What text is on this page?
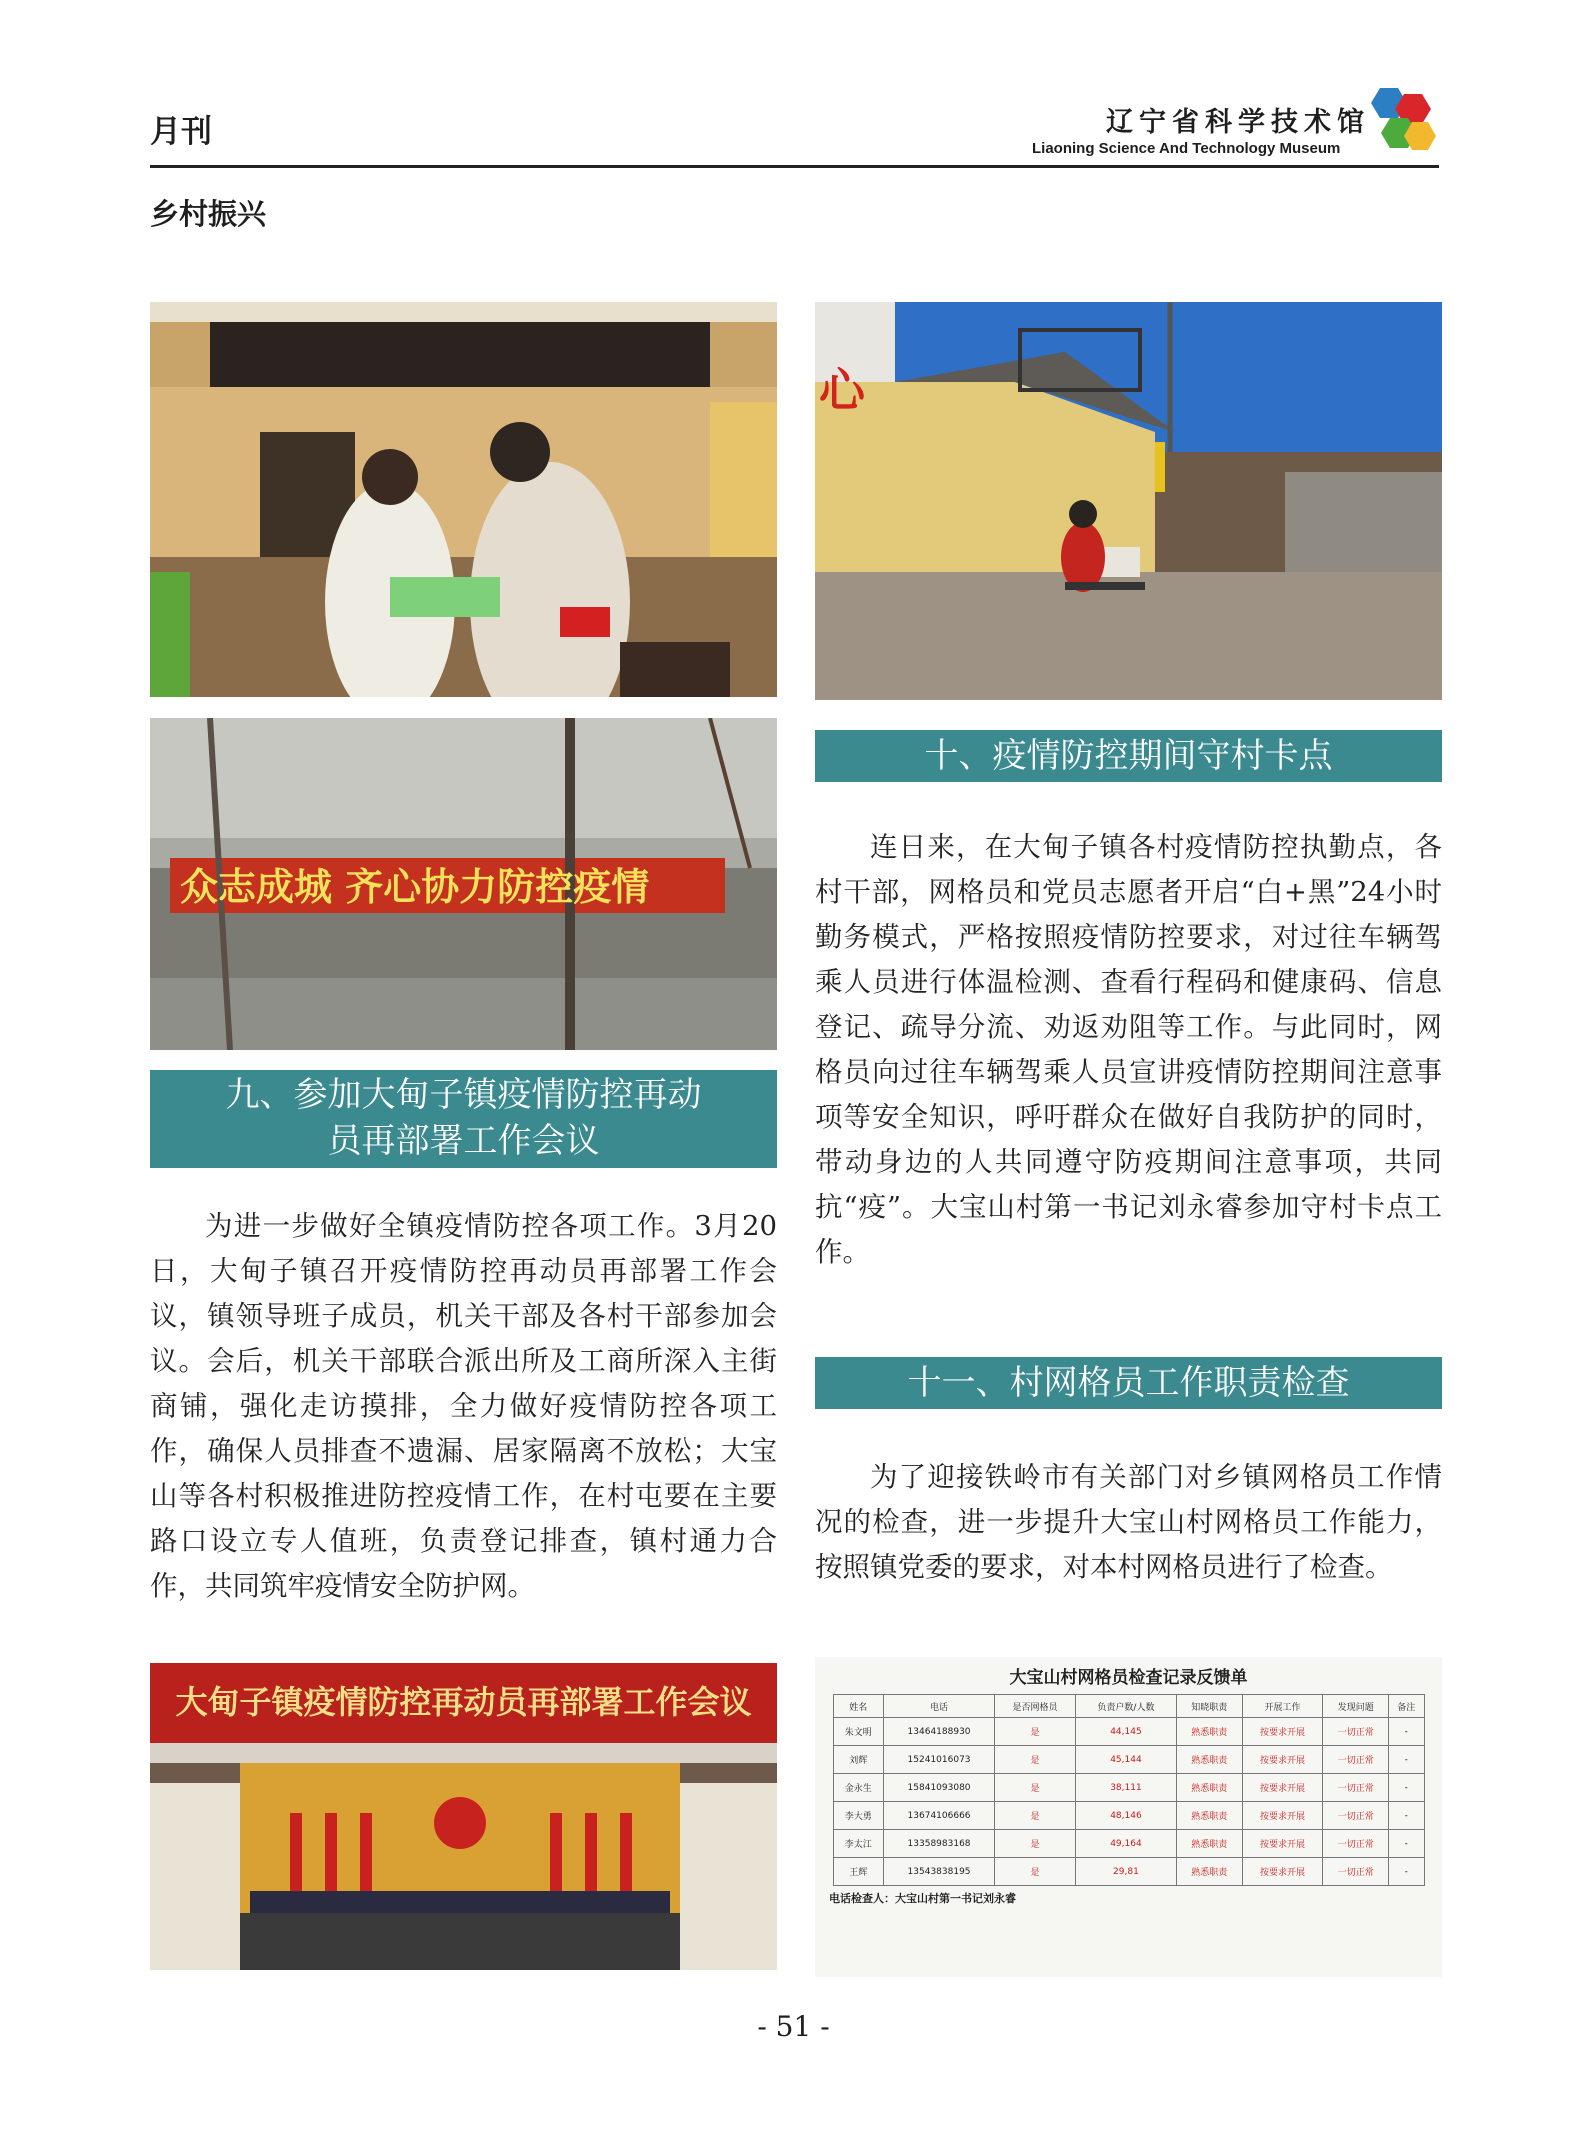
月刊	辽宁省科学技术馆
Liaoning Science And Technology Museum
乡村振兴
众志成城 齐心协力防控疫情
九、参加大甸子镇疫情防控再动
员再部署工作会议

为进一步做好全镇疫情防控各项工作。3月20日，大甸子镇召开疫情防控再动员再部署工作会议，镇领导班子成员，机关干部及各村干部参加会议。会后，机关干部联合派出所及工商所深入主街商铺，强化走访摸排，全力做好疫情防控各项工作，确保人员排查不遗漏、居家隔离不放松；大宝山等各村积极推进防控疫情工作，在村屯要在主要路口设立专人值班，负责登记排查，镇村通力合作，共同筑牢疫情安全防护网。

大甸子镇疫情防控再动员再部署工作会议
心
十、疫情防控期间守村卡点

连日来，在大甸子镇各村疫情防控执勤点，各村干部，网格员和党员志愿者开启“白+黑”24小时勤务模式，严格按照疫情防控要求，对过往车辆驾乘人员进行体温检测、查看行程码和健康码、信息登记、疏导分流、劝返劝阻等工作。与此同时，网格员向过往车辆驾乘人员宣讲疫情防控期间注意事项等安全知识，呼吁群众在做好自我防护的同时，带动身边的人共同遵守防疫期间注意事项，共同抗“疫”。大宝山村第一书记刘永睿参加守村卡点工作。

十一、村网格员工作职责检查

为了迎接铁岭市有关部门对乡镇网格员工作情况的检查，进一步提升大宝山村网格员工作能力，按照镇党委的要求，对本村网格员进行了检查。

大宝山村网格员检查记录反馈单
姓名	电话	是否网格员	负责户数/人数	知晓职责	开展工作	发现问题	备注
朱文明	13464188930	是	44,145	熟悉职责	按要求开展	一切正常	-
刘辉	15241016073	是	45,144	熟悉职责	按要求开展	一切正常	-
金永生	15841093080	是	38,111	熟悉职责	按要求开展	一切正常	-
李大勇	13674106666	是	48,146	熟悉职责	按要求开展	一切正常	-
李太江	13358983168	是	49,164	熟悉职责	按要求开展	一切正常	-
王辉	13543838195	是	29,81	熟悉职责	按要求开展	一切正常	-
电话检查人：大宝山村第一书记刘永睿
- 51 -
